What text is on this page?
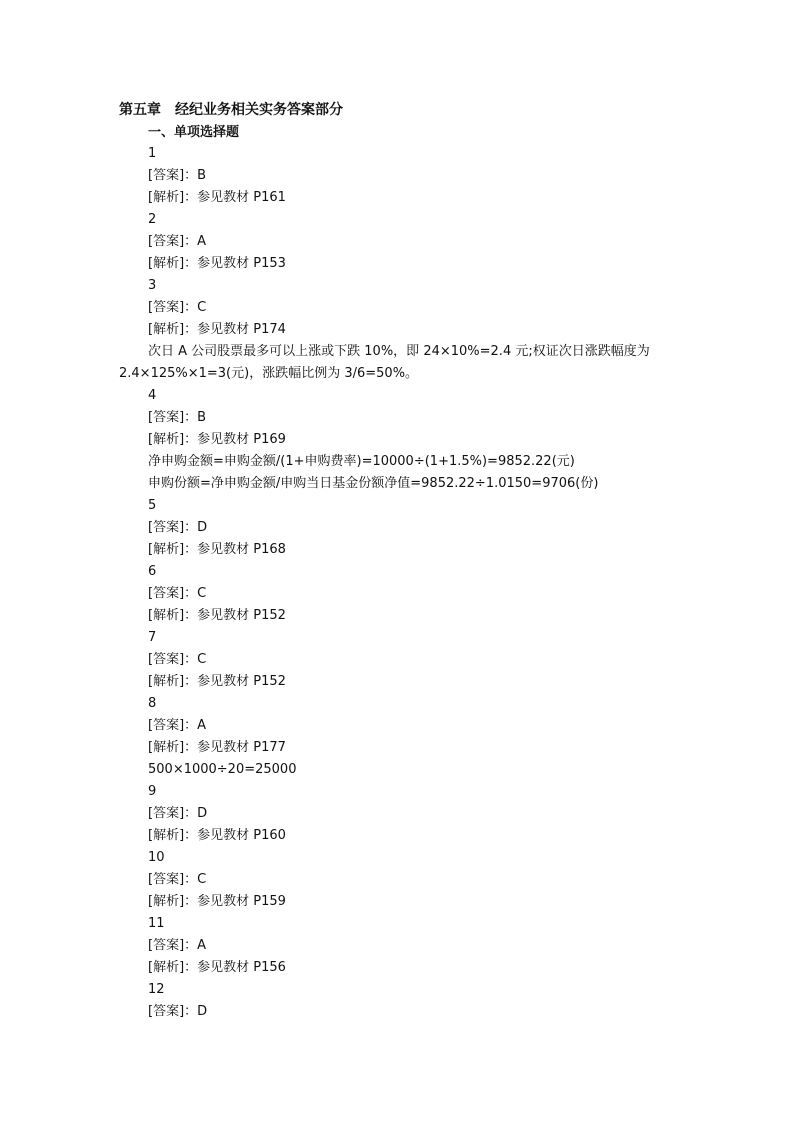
第五章　经纪业务相关实务答案部分
一、单项选择题
1
[答案]：B
[解析]：参见教材 P161
2
[答案]：A
[解析]：参见教材 P153
3
[答案]：C
[解析]：参见教材 P174
次日 A 公司股票最多可以上涨或下跌 10%，即 24×10%=2.4 元;权证次日涨跌幅度为
2.4×125%×1=3(元)，涨跌幅比例为 3/6=50%。
4
[答案]：B
[解析]：参见教材 P169
净申购金额=申购金额/(1+申购费率)=10000÷(1+1.5%)=9852.22(元)
申购份额=净申购金额/申购当日基金份额净值=9852.22÷1.0150=9706(份)
5
[答案]：D
[解析]：参见教材 P168
6
[答案]：C
[解析]：参见教材 P152
7
[答案]：C
[解析]：参见教材 P152
8
[答案]：A
[解析]：参见教材 P177
500×1000÷20=25000
9
[答案]：D
[解析]：参见教材 P160
10
[答案]：C
[解析]：参见教材 P159
11
[答案]：A
[解析]：参见教材 P156
12
[答案]：D
